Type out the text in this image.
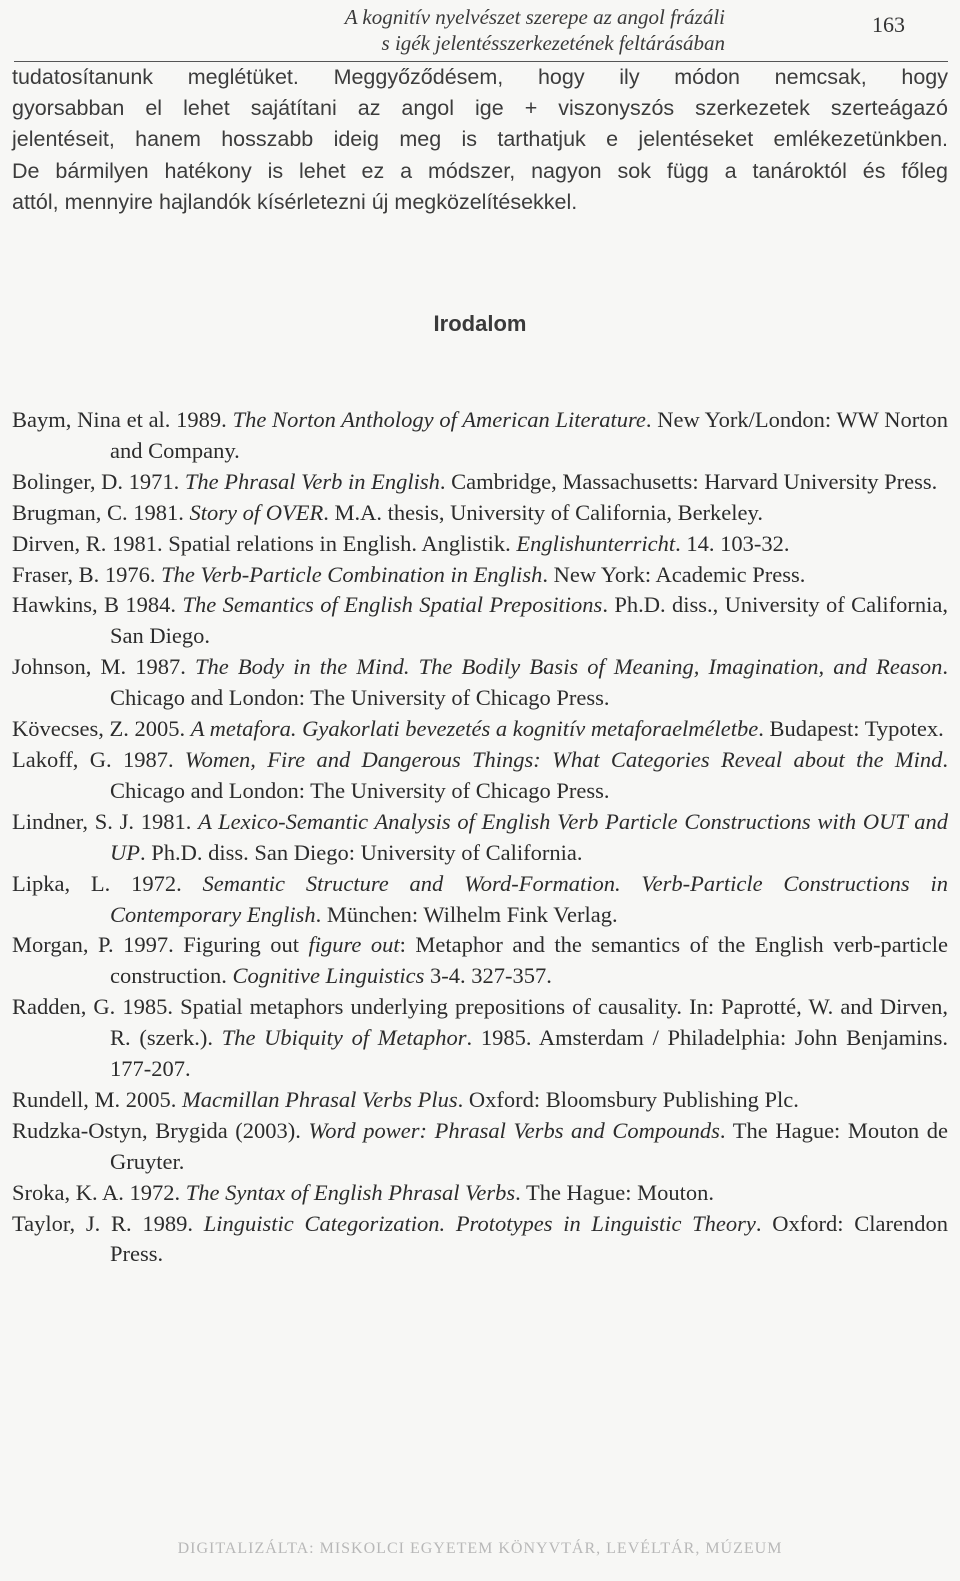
A kognitív nyelvészet szerepe az angol frázáli
s igék jelentésszerkezetének feltárásában
163
tudatosítanunk meglétüket. Meggyőződésem, hogy ily módon nemcsak, hogy
gyorsabban el lehet sajátítani az angol ige + viszonyszós szerkezetek szerteágazó
jelentéseit, hanem hosszabb ideig meg is tarthatjuk e jelentéseket emlékezetünkben.
De bármilyen hatékony is lehet ez a módszer, nagyon sok függ a tanároktól és főleg
attól, mennyire hajlandók kísérletezni új megközelítésekkel.
Irodalom

Baym, Nina et al. 1989. The Norton Anthology of American Literature. New York/London: WW Norton and Company.

Bolinger, D. 1971. The Phrasal Verb in English. Cambridge, Massachusetts: Harvard University Press.

Brugman, C. 1981. Story of OVER. M.A. thesis, University of California, Berkeley.

Dirven, R. 1981. Spatial relations in English. Anglistik. Englishunterricht. 14. 103-32.

Fraser, B. 1976. The Verb-Particle Combination in English. New York: Academic Press.

Hawkins, B 1984. The Semantics of English Spatial Prepositions. Ph.D. diss., University of California, San Diego.

Johnson, M. 1987. The Body in the Mind. The Bodily Basis of Meaning, Imagination, and Reason. Chicago and London: The University of Chicago Press.

Kövecses, Z. 2005. A metafora. Gyakorlati bevezetés a kognitív metaforaelméletbe. Budapest: Typotex.

Lakoff, G. 1987. Women, Fire and Dangerous Things: What Categories Reveal about the Mind. Chicago and London: The University of Chicago Press.

Lindner, S. J. 1981. A Lexico-Semantic Analysis of English Verb Particle Constructions with OUT and UP. Ph.D. diss. San Diego: University of California.

Lipka, L. 1972. Semantic Structure and Word-Formation. Verb-Particle Constructions in Contemporary English. München: Wilhelm Fink Verlag.

Morgan, P. 1997. Figuring out figure out: Metaphor and the semantics of the English verb-particle construction. Cognitive Linguistics 3-4. 327-357.

Radden, G. 1985. Spatial metaphors underlying prepositions of causality. In: Paprotté, W. and Dirven, R. (szerk.). The Ubiquity of Metaphor. 1985. Amsterdam / Philadelphia: John Benjamins. 177-207.

Rundell, M. 2005. Macmillan Phrasal Verbs Plus. Oxford: Bloomsbury Publishing Plc.

Rudzka-Ostyn, Brygida (2003). Word power: Phrasal Verbs and Compounds. The Hague: Mouton de Gruyter.

Sroka, K. A. 1972. The Syntax of English Phrasal Verbs. The Hague: Mouton.

Taylor, J. R. 1989. Linguistic Categorization. Prototypes in Linguistic Theory. Oxford: Clarendon Press.

DIGITALIZÁLTA: MISKOLCI EGYETEM KÖNYVTÁR, LEVÉLTÁR, MÚZEUM
